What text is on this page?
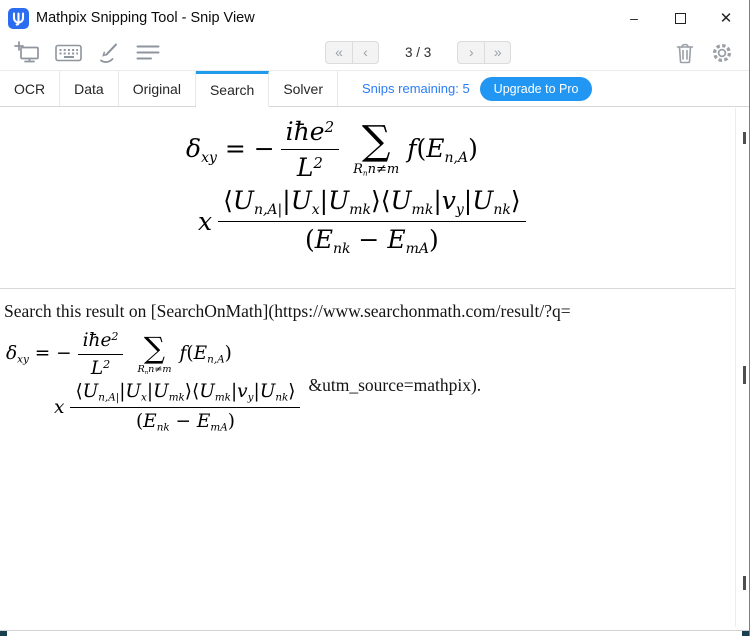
Mathpix Snipping Tool - Snip View	–	✕
«	‹	3 / 3	›	»
OCR Data Original Search Solver	Snips remaining: 5	Upgrade to Pro
δxy = − $\frac{iħe^2}{L^2}$ ∑
Rnn≠m
f(En,A)
x $\frac{\text{⟨Un,A||Ux|Umk⟩⟨Umk|vy|Unk⟩}}{\text{(Enk − EmA)}}$
Search this result on [SearchOnMath](https://www.searchonmath.com/result/?q=
δxy = − $\frac{iħe^2}{L^2}$ ∑
Rnn≠m
f(En,A)
x $\frac{\text{⟨Un,A||Ux|Umk⟩⟨Umk|vy|Unk⟩}}{\text{(Enk − EmA)}}$ &utm_source=mathpix).
